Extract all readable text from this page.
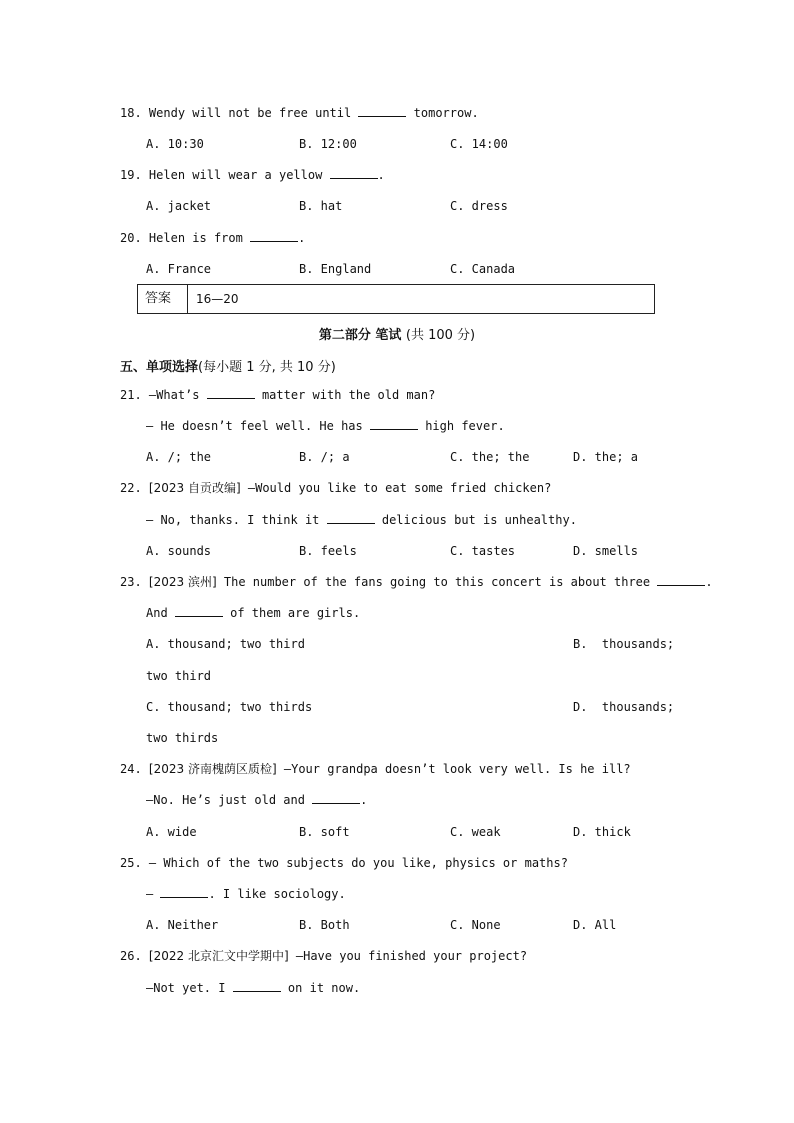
18. Wendy will not be free until	tomorrow.
A. 10:30	B. 12:00	C. 14:00
19. Helen will wear a yellow	.
A. jacket	B. hat	C. dress
20. Helen is from	.
A. France	B. England	C. Canada
答案	16—20
第二部分 笔试 (共 100 分)
五、单项选择(每小题 1 分, 共 10 分)
21. —What’s	matter with the old man?
— He doesn’t feel well. He has	high fever.
A. /; the	B. /; a	C. the; the	D. the; a
22. [2023 自贡改编] —Would you like to eat some fried chicken?
— No, thanks. I think it	delicious but is unhealthy.
A. sounds	B. feels	C. tastes	D. smells
23. [2023 滨州] The number of the fans going to this concert is about three	.
And	of them are girls.
A. thousand; two third	B.  thousands;
two third
C. thousand; two thirds	D.  thousands;
two thirds
24. [2023 济南槐荫区质检] —Your grandpa doesn’t look very well. Is he ill?
—No. He’s just old and	.
A. wide	B. soft	C. weak	D. thick
25. — Which of the two subjects do you like, physics or maths?
—	. I like sociology.
A. Neither	B. Both	C. None	D. All
26. [2022 北京汇文中学期中] —Have you finished your project?
—Not yet. I	on it now.
